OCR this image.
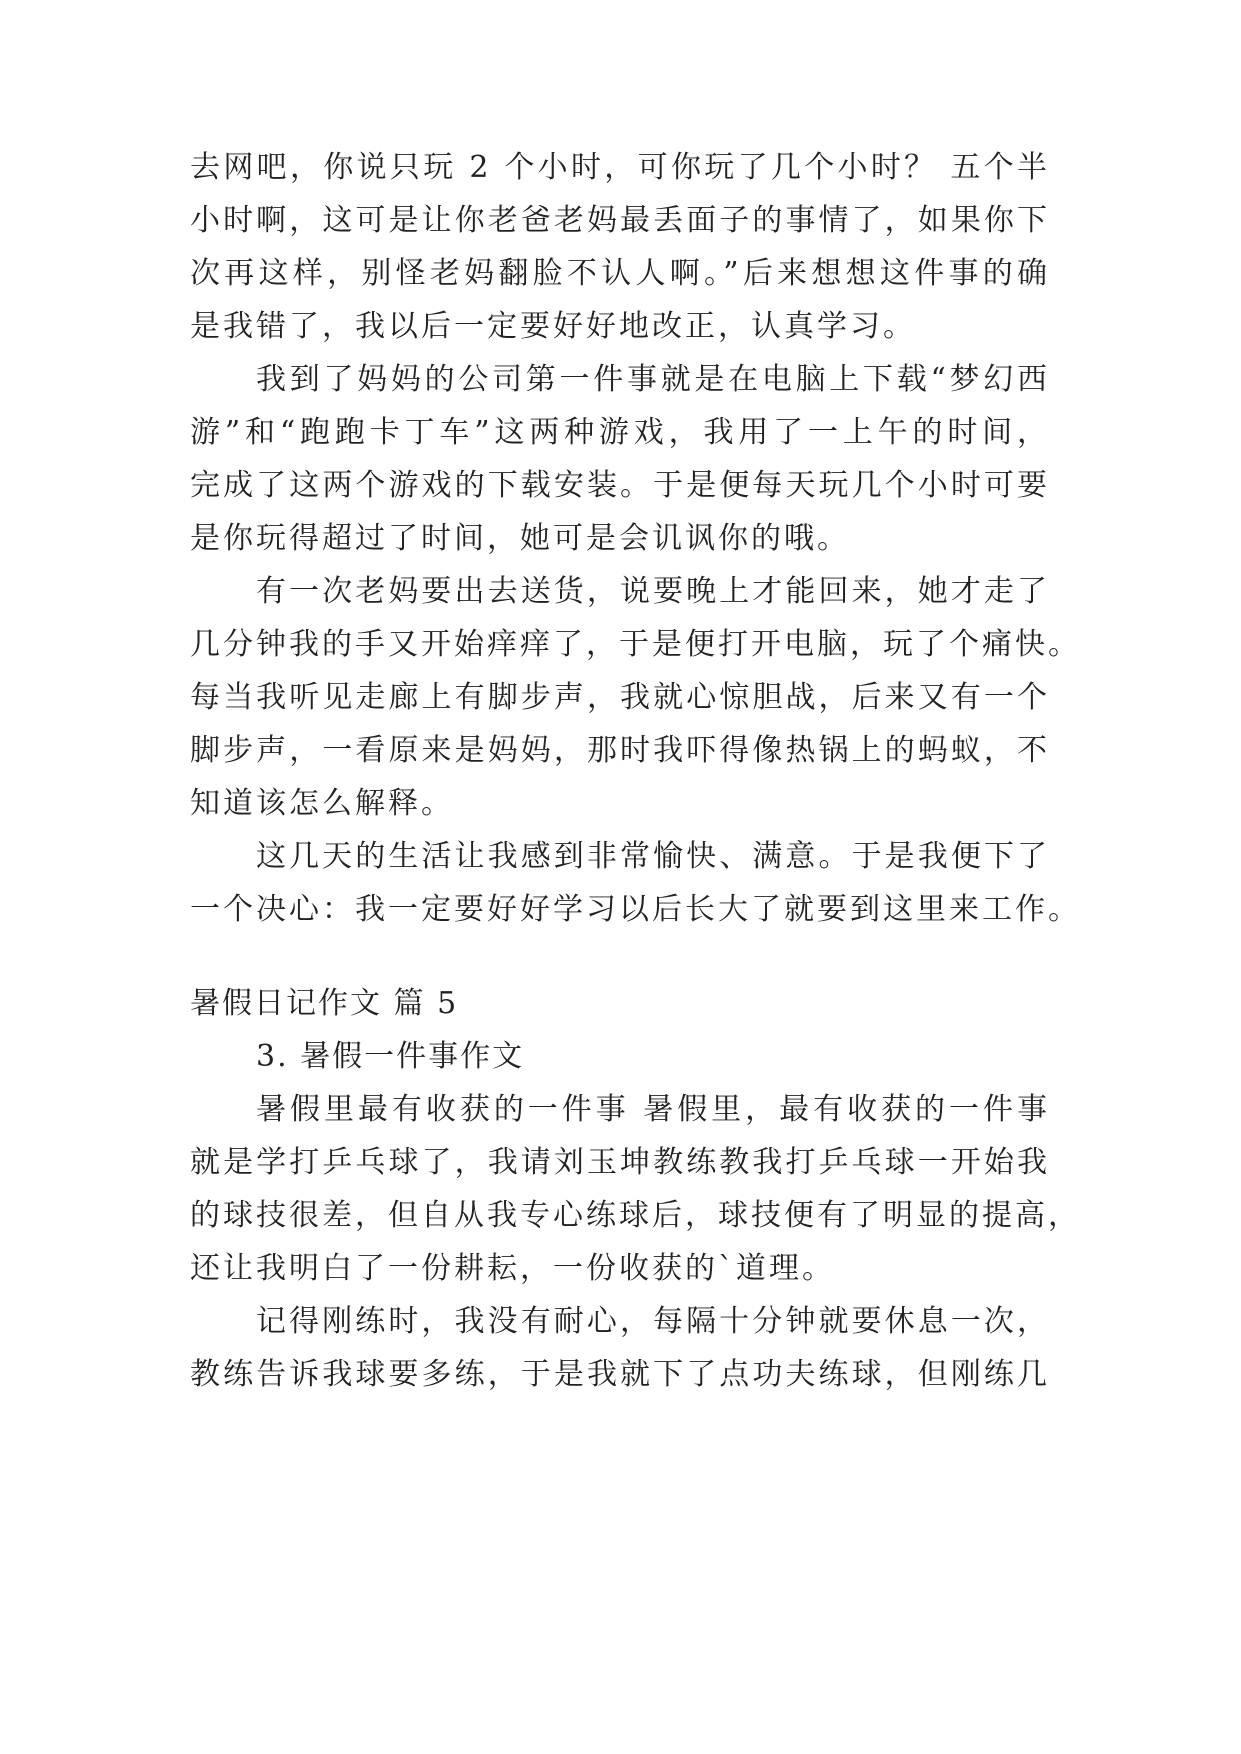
去网吧，你说只玩 2 个小时，可你玩了几个小时？ 五个半
小时啊，这可是让你老爸老妈最丢面子的事情了，如果你下
次再这样，别怪老妈翻脸不认人啊。”后来想想这件事的确
是我错了，我以后一定要好好地改正，认真学习。
我到了妈妈的公司第一件事就是在电脑上下载“梦幻西
游”和“跑跑卡丁车”这两种游戏，我用了一上午的时间，
完成了这两个游戏的下载安装。于是便每天玩几个小时可要
是你玩得超过了时间，她可是会讥讽你的哦。
有一次老妈要出去送货，说要晚上才能回来，她才走了
几分钟我的手又开始痒痒了，于是便打开电脑，玩了个痛快。
每当我听见走廊上有脚步声，我就心惊胆战，后来又有一个
脚步声，一看原来是妈妈，那时我吓得像热锅上的蚂蚁，不
知道该怎么解释。
这几天的生活让我感到非常愉快、满意。于是我便下了
一个决心：我一定要好好学习以后长大了就要到这里来工作。
暑假日记作文 篇 5
3. 暑假一件事作文
暑假里最有收获的一件事 暑假里，最有收获的一件事
就是学打乒乓球了，我请刘玉坤教练教我打乒乓球一开始我
的球技很差，但自从我专心练球后，球技便有了明显的提高，
还让我明白了一份耕耘，一份收获的`道理。
记得刚练时，我没有耐心，每隔十分钟就要休息一次，
教练告诉我球要多练，于是我就下了点功夫练球，但刚练几
